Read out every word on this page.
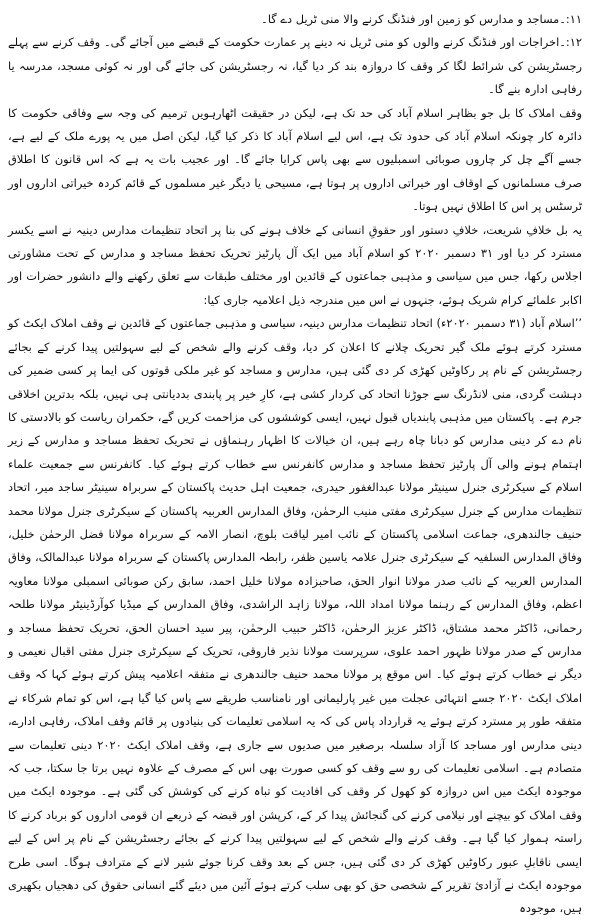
۱۱:۔مساجد و مدارس کو زمین اور فنڈنگ کرنے والا منی ٹریل دے گا۔

۱۲:۔اخراجات اور فنڈنگ کرنے والوں کو منی ٹریل نہ دینے پر عمارت حکومت کے قبضے میں آجائے گی۔ وقف کرنے سے پہلے رجسٹریشن کی شرائط لگا کر وقف کا دروازہ بند کر دیا گیا، نہ رجسٹریشن کی جائے گی اور نہ کوئی مسجد، مدرسہ یا رفاہی ادارہ بنے گا۔

وقف املاک کا بل جو بظاہر اسلام آباد کی حد تک ہے، لیکن در حقیقت اٹھارہویں ترمیم کی وجہ سے وفاقی حکومت کا دائرہ کار چونکہ اسلام آباد کی حدود تک ہے، اس لیے اسلام آباد کا ذکر کیا گیا، لیکن اصل میں یہ پورے ملک کے لیے ہے، جسے آگے چل کر چاروں صوبائی اسمبلیوں سے بھی پاس کرایا جائے گا۔ اور عجیب بات یہ ہے کہ اس قانون کا اطلاق صرف مسلمانوں کے اوقاف اور خیراتی اداروں پر ہوتا ہے، مسیحی یا دیگر غیر مسلموں کے قائم کردہ خیراتی اداروں اور ٹرسٹس پر اس کا اطلاق نہیں ہوتا۔

یہ بل خلافِ شریعت، خلافِ دستور اور حقوقِ انسانی کے خلاف ہونے کی بنا پر اتحاد تنظیمات مدارس دینیہ نے اسے یکسر مسترد کر دیا اور ۳۱ دسمبر ۲۰۲۰ کو اسلام آباد میں ایک آل پارٹیز تحریک تحفظ مساجد و مدارس کے تحت مشاورتی اجلاس رکھا، جس میں سیاسی و مذہبی جماعتوں کے قائدین اور مختلف طبقات سے تعلق رکھنے والے دانشور حضرات اور اکابر علمائے کرام شریک ہوئے، جنہوں نے اس میں مندرجہ ذیل اعلامیہ جاری کیا:

’’اسلام آباد (۳۱ دسمبر ۲۰۲۰ء) اتحاد تنظیمات مدارس دینیہ، سیاسی و مذہبی جماعتوں کے قائدین نے وقف املاک ایکٹ کو مسترد کرتے ہوئے ملک گیر تحریک چلانے کا اعلان کر دیا، وقف کرنے والے شخص کے لیے سہولتیں پیدا کرنے کے بجائے رجسٹریشن کے نام پر رکاوٹیں کھڑی کر دی گئی ہیں، مدارس و مساجد کو غیر ملکی قوتوں کی ایما پر کسی ضمیر کی دہشت گردی، منی لانڈرنگ سے جوڑنا اتحاد کی کردار کشی ہے، کارِ خیر پر پابندی بددیانتی ہی نہیں، بلکہ بدترین اخلاقی جرم ہے۔ پاکستان میں مذہبی پابندیاں قبول نہیں، ایسی کوششوں کی مزاحمت کریں گے، حکمران ریاست کو بالادستی کا نام دے کر دینی مدارس کو دبانا چاہ رہے ہیں، ان خیالات کا اظہار رہنماؤں نے تحریک تحفظ مساجد و مدارس کے زیر اہتمام ہونے والی آل پارٹیز تحفظ مساجد و مدارس کانفرنس سے خطاب کرتے ہوئے کیا۔ کانفرنس سے جمعیت علماء اسلام کے سیکرٹری جنرل سینیٹر مولانا عبدالغفور حیدری، جمعیت اہل حدیث پاکستان کے سربراہ سینیٹر ساجد میر، اتحاد تنظیمات مدارس کے جنرل سیکرٹری مفتی منیب الرحمٰن، وفاق المدارس العربیہ پاکستان کے سیکرٹری جنرل مولانا محمد حنیف جالندھری، جماعت اسلامی پاکستان کے نائب امیر لیاقت بلوچ، انصار الامہ کے سربراہ مولانا فضل الرحمٰن خلیل، وفاق المدارس السلفیہ کے سیکرٹری جنرل علامہ یاسین ظفر، رابطہ المدارس پاکستان کے سربراہ مولانا عبدالمالک، وفاق المدارس العربیہ کے نائب صدر مولانا انوار الحق، صاحبزادہ مولانا خلیل احمد، سابق رکن صوبائی اسمبلی مولانا معاویہ اعظم، وفاق المدارس کے رہنما مولانا امداد اللہ، مولانا زاہد الراشدی، وفاق المدارس کے میڈیا کوآرڈینیٹر مولانا طلحہ رحمانی، ڈاکٹر محمد مشتاق، ڈاکٹر عزیز الرحمٰن، ڈاکٹر حبیب الرحمٰن، پیر سید احسان الحق، تحریک تحفظ مساجد و مدارس کے صدر مولانا ظہور احمد علوی، سرپرست مولانا نذیر فاروقی، تحریک کے سیکرٹری جنرل مفتی اقبال نعیمی و دیگر نے خطاب کرتے ہوئے کیا۔ اس موقع پر مولانا محمد حنیف جالندھری نے متفقہ اعلامیہ پیش کرتے ہوئے کہا کہ وقف املاک ایکٹ ۲۰۲۰ جسے انتہائی عجلت میں غیر پارلیمانی اور نامناسب طریقے سے پاس کیا گیا ہے، اس کو تمام شرکاء نے متفقہ طور پر مسترد کرتے ہوئے یہ قرارداد پاس کی کہ یہ اسلامی تعلیمات کی بنیادوں پر قائم وقف املاک، رفاہی ادارے، دینی مدارس اور مساجد کا آزاد سلسلہ برصغیر میں صدیوں سے جاری ہے، وقف املاک ایکٹ ۲۰۲۰ دینی تعلیمات سے متصادم ہے۔ اسلامی تعلیمات کی رو سے وقف کو کسی صورت بھی اس کے مصرف کے علاوہ نہیں برتا جا سکتا، جب کہ موجودہ ایکٹ میں اس دروازہ کو کھول کر وقف کی افادیت کو تباہ کرنے کی کوشش کی گئی ہے۔ موجودہ ایکٹ میں وقف املاک کو بیچنے اور نیلامی کرنے کی گنجائش پیدا کر کے، کرپشن اور قبضہ کے ذریعے ان قومی اداروں کو برباد کرنے کا راستہ ہموار کیا گیا ہے۔ وقف کرنے والے شخص کے لیے سہولتیں پیدا کرنے کے بجائے رجسٹریشن کے نام پر اس کے لیے ایسی ناقابلِ عبور رکاوٹیں کھڑی کر دی گئی ہیں، جس کے بعد وقف کرنا جوئے شیر لانے کے مترادف ہوگا۔ اسی طرح موجودہ ایکٹ نے آزادیٔ تقریر کے شخصی حق کو بھی سلب کرتے ہوئے آئین میں دیئے گئے انسانی حقوق کی دھجیاں بکھیری ہیں، موجودہ
